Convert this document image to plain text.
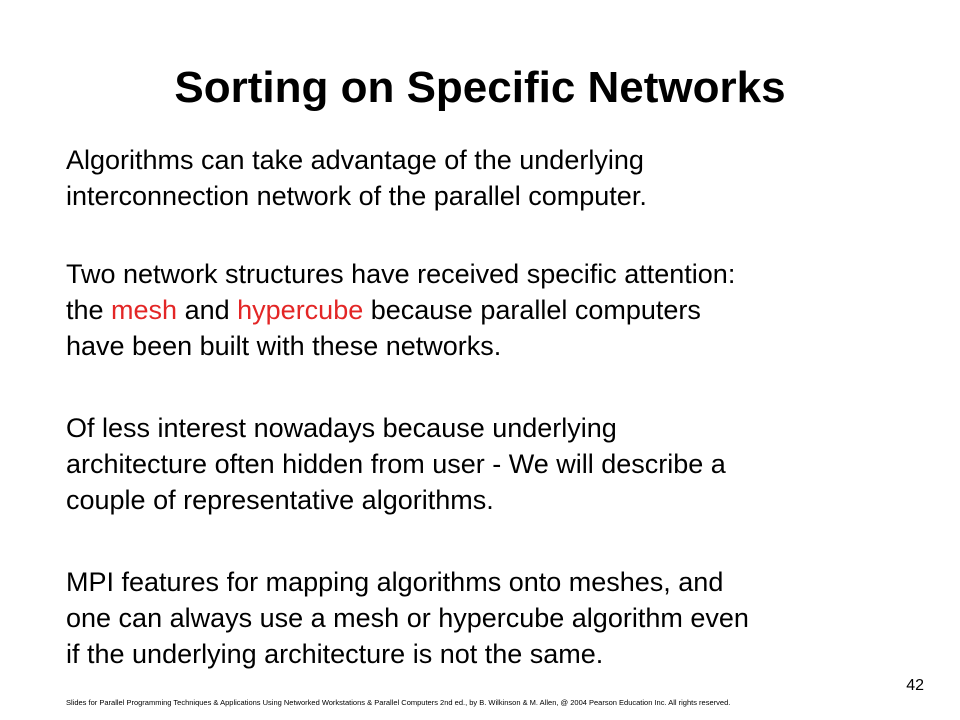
Sorting on Specific Networks

Algorithms can take advantage of the underlying
interconnection network of the parallel computer.

Two network structures have received specific attention:
the mesh and hypercube because parallel computers
have been built with these networks.

Of less interest nowadays because underlying
architecture often hidden from user - We will describe a
couple of representative algorithms.

MPI features for mapping algorithms onto meshes, and
one can always use a mesh or hypercube algorithm even
if the underlying architecture is not the same.

42
Slides for Parallel Programming Techniques & Applications Using Networked Workstations & Parallel Computers 2nd ed., by B. Wilkinson & M. Allen, @ 2004 Pearson Education Inc. All rights reserved.
